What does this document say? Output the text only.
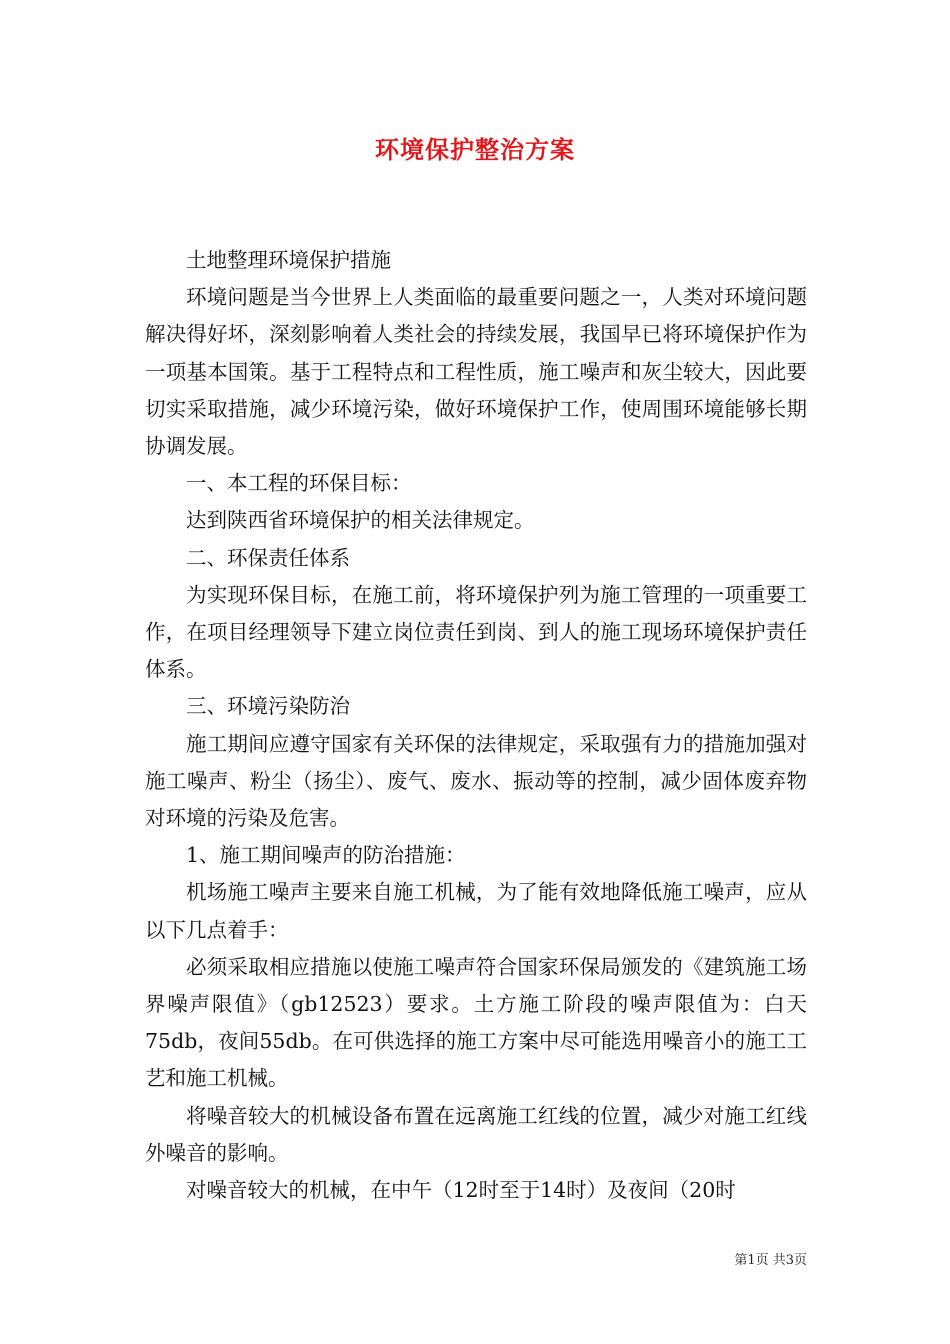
环境保护整治方案

土地整理环境保护措施

环境问题是当今世界上人类面临的最重要问题之一，人类对环境问题解决得好坏，深刻影响着人类社会的持续发展，我国早已将环境保护作为一项基本国策。基于工程特点和工程性质，施工噪声和灰尘较大，因此要切实采取措施，减少环境污染，做好环境保护工作，使周围环境能够长期协调发展。

一、本工程的环保目标：

达到陕西省环境保护的相关法律规定。

二、环保责任体系

为实现环保目标，在施工前，将环境保护列为施工管理的一项重要工作，在项目经理领导下建立岗位责任到岗、到人的施工现场环境保护责任体系。

三、环境污染防治

施工期间应遵守国家有关环保的法律规定，采取强有力的措施加强对施工噪声、粉尘（扬尘）、废气、废水、振动等的控制，减少固体废弃物对环境的污染及危害。

1、施工期间噪声的防治措施：

机场施工噪声主要来自施工机械，为了能有效地降低施工噪声，应从以下几点着手：

必须采取相应措施以使施工噪声符合国家环保局颁发的《建筑施工场界噪声限值》（gb12523）要求。土方施工阶段的噪声限值为：白天75db，夜间55db。在可供选择的施工方案中尽可能选用噪音小的施工工艺和施工机械。

将噪音较大的机械设备布置在远离施工红线的位置，减少对施工红线外噪音的影响。

对噪音较大的机械，在中午（12时至于14时）及夜间（20时

第1页 共3页
